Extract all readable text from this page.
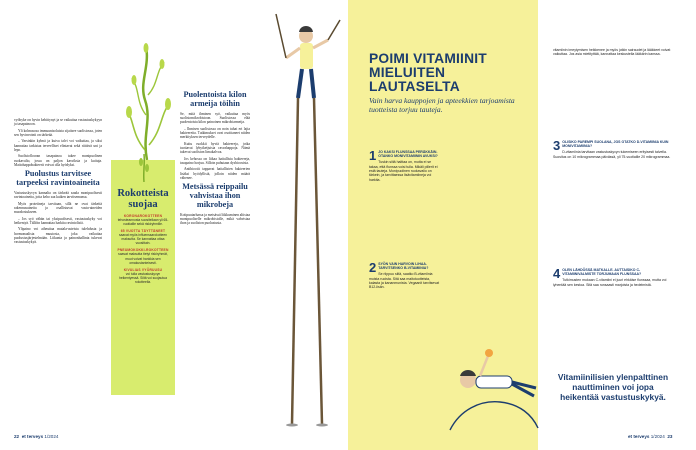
vyöhyke on hyvin kehittynyt ja se vaikuttaa vastustuskykyyn ja tasapainoon.

Yli kolmasosa immuunisoluista sijaitsee suolistossa, joten sen hyvinvointi on tärkeää.

– Varsinkin kylmä ja kuiva talvi voi vaikuttaa, ja siksi kannattaa tarkistaa terveelliset elintavat sekä riittävä uni ja lepo.

Suolistoflooran tasapainoa tukee monipuolinen ruokavalio, jossa on paljon kasviksia ja kuituja. Maitohappobakteerit voivat olla hyödyksi.

Puolustus tarvitsee tarpeeksi ravintoaineita

Vastustuskyvyn kannalta on tärkeää saada monipuolisesti ravintoaineita, jotta keho saa kaiken tarvitsemansa.

Myös proteiineja tarvitaan, sillä ne ovat tärkeitä rakennusaineita ja osallistuvat vasta-aineiden muodostukseen.

– Jos syö vähän tai yksipuolisesti, vastustuskyky voi heikentyä. Tällöin kannattaa harkita ravintolisiä.

Ylipaino voi aiheuttaa matala-asteista tulehdusta ja hormonaalista muutosta, joka vaikuttaa puolustusjärjestelmään. Liikunta ja painonhallinta tukevat vastustuskykyä.

Rokotteista suojaa
KORONAROKOTTEEN
tehosteannosta suositellaan yli 65-vuotiaille sekä riskiryhmille.
65 VUOTTA TÄYTTÄNEET
saavat myös influenssarokotteen maksutta. Se kannattaa ottaa vuosittain.
PNEUMOKOKKI-ROKOTTEEN
saavat maksutta tietyt riskiryhmät, muut voivat hankkia sen omakustanteisesti.
KIVULIAS VYÖRUUSU
voi tulla vastustuskyvyn heikentyessä. Siltä voi suojautua rokotteella.
Puolentoista kilon armeija töihin

Se, mitä ihminen syö, vaikuttaa myös suolistomikrobistoon. Suolistossa elää puolentoista kilon painoinen mikrobiarmeija.

– Ihmisen suolistossa on noin tuhat eri lajia bakteereita. Tutkimukset ovat osoittaneet niiden merkityksen terveydelle.

Kuitu ruokkii hyviä bakteereja, jotka tuottavat lyhytketjuisia rasvahappoja. Nämä tukevat suoliston limakalvoa.

Jos kehossa on liikaa haitallisia bakteereja, tasapaino horjuu. Silloin puhutaan dysbioosista.

Antibiootit tappavat haitallisten bakteerien lisäksi hyödyllisiä, jolloin niiden määrä vähenee.

Metsässä reippailu vahvistaa ihon mikrobeja

Kotipuutarhassa ja metsässä liikkuminen altistaa monipuoliselle mikrobistolle, mikä vahvistaa ihon ja suoliston puolustusta.

22 et terveys 1/2024
POIMI VITAMIINIT MIELUITEN LAUTASELTA
Vain harva kauppojen ja apteekkien tarjoamista tuotteista torjuu tauteja.
1 JO KAKSI FLUNSSAA PERÄKKÄIN. OTANKO MONIVITAMIININ AVUKSI?

Tuskin siitä haittaa on, mutta ei se takaa, että flunssa voisi tulla. Mikäli pillerit ei estä tauteja. Monipuolinen ruokavalio on tärkein, ja tarvittaessa lisävitamiineja voi harkita.

2 SYÖN VAIN HARVOIN LIHAA. TARVITSENKO B-VITAMIINIA?

Se riippuu siitä, saatko B-vitamiinia muista ruoista. Sitä saa maitotuotteista, kalasta ja kananmunista. Vegaanit tarvitsevat B12-lisän.

vitamiinin imeytymisen heikkenee ja myös jotkin sairaudet ja lääkkeet voivat vaikuttaa. Jos asia mietityttää, kannattaa keskustella lääkärin kanssa.

3 OLISIKO PAREMPI SUOLANA, JOS OTATKO D-VITAMIINIA KUIN MONIVITAMIINIA?

D-vitamiinia tarvitaan vastustuskyvyn tukemiseen erityisesti talvella. Suositus on 10 mikrogrammaa päivässä, yli 75-vuotiaille 20 mikrogrammaa.

4 OLEN LÄHDÖSSÄ MATKALLE. AUTTAISIKO C-VITAMIINIVALMISTE TORJUMAAN FLUNSSAA?

Tutkimusten mukaan C-vitamiini ei juuri ehkäise flunssaa, mutta voi lyhentää sen kestoa. Sitä saa runsaasti marjoista ja hedelmistä.

Vitamiinilisien ylenpalttinen nauttiminen voi jopa heikentää vastustuskykyä.
et terveys 1/2024 23
